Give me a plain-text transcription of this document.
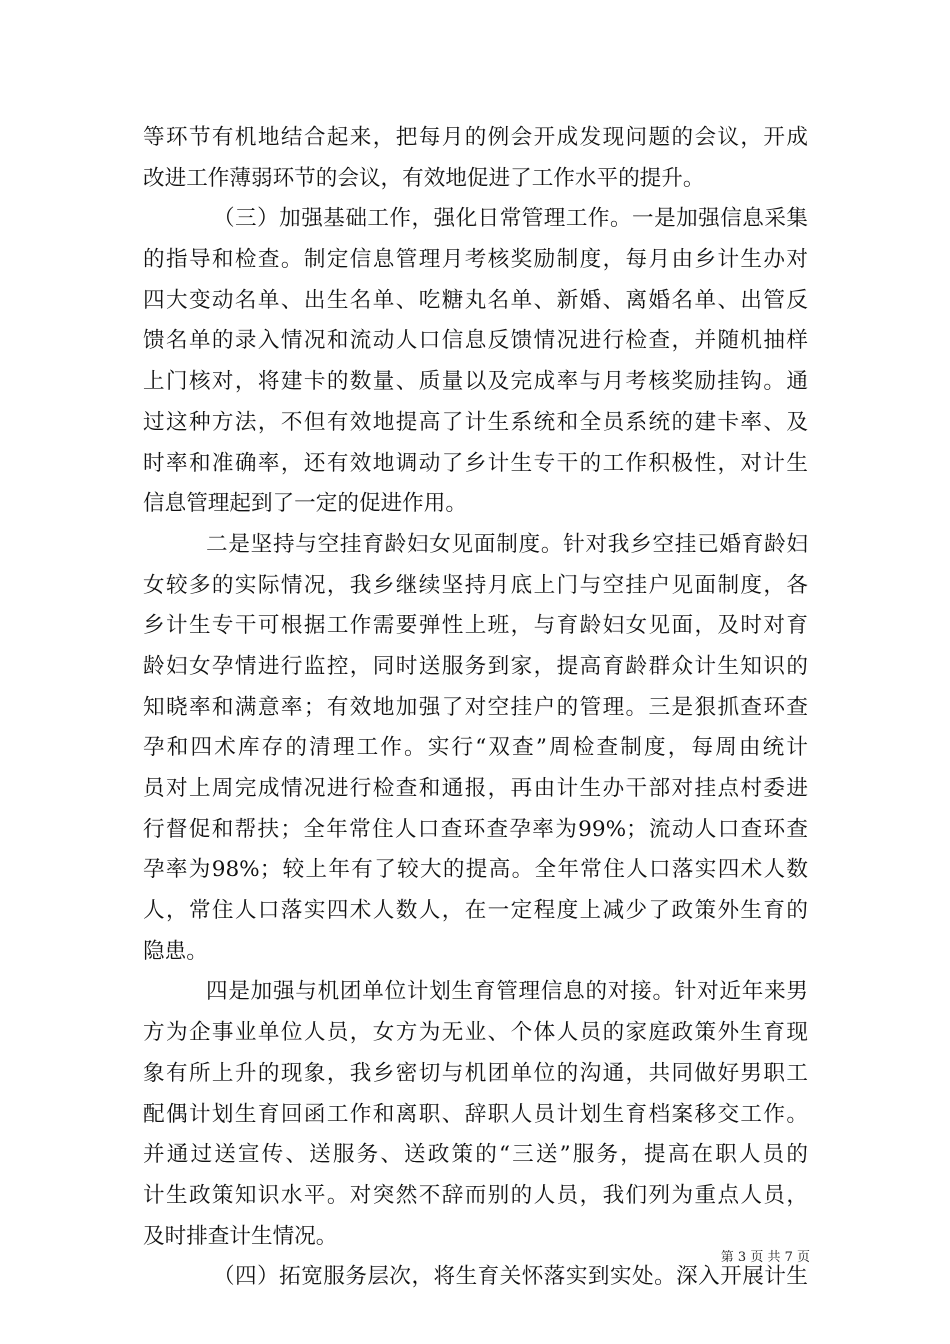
等环节有机地结合起来，把每月的例会开成发现问题的会议，开成
改进工作薄弱环节的会议，有效地促进了工作水平的提升。
（三）加强基础工作，强化日常管理工作。一是加强信息采集
的指导和检查。制定信息管理月考核奖励制度，每月由乡计生办对
四大变动名单、出生名单、吃糖丸名单、新婚、离婚名单、出管反
馈名单的录入情况和流动人口信息反馈情况进行检查，并随机抽样
上门核对，将建卡的数量、质量以及完成率与月考核奖励挂钩。通
过这种方法，不但有效地提高了计生系统和全员系统的建卡率、及
时率和准确率，还有效地调动了乡计生专干的工作积极性，对计生
信息管理起到了一定的促进作用。
二是坚持与空挂育龄妇女见面制度。针对我乡空挂已婚育龄妇
女较多的实际情况，我乡继续坚持月底上门与空挂户见面制度，各
乡计生专干可根据工作需要弹性上班，与育龄妇女见面，及时对育
龄妇女孕情进行监控，同时送服务到家，提高育龄群众计生知识的
知晓率和满意率；有效地加强了对空挂户的管理。三是狠抓查环查
孕和四术库存的清理工作。实行“双查”周检查制度，每周由统计
员对上周完成情况进行检查和通报，再由计生办干部对挂点村委进
行督促和帮扶；全年常住人口查环查孕率为99%；流动人口查环查
孕率为98%；较上年有了较大的提高。全年常住人口落实四术人数
人，常住人口落实四术人数人，在一定程度上减少了政策外生育的
隐患。
四是加强与机团单位计划生育管理信息的对接。针对近年来男
方为企事业单位人员，女方为无业、个体人员的家庭政策外生育现
象有所上升的现象，我乡密切与机团单位的沟通，共同做好男职工
配偶计划生育回函工作和离职、辞职人员计划生育档案移交工作。
并通过送宣传、送服务、送政策的“三送”服务，提高在职人员的
计生政策知识水平。对突然不辞而别的人员，我们列为重点人员，
及时排查计生情况。
（四）拓宽服务层次，将生育关怀落实到实处。深入开展计生
第 3 页 共 7 页
